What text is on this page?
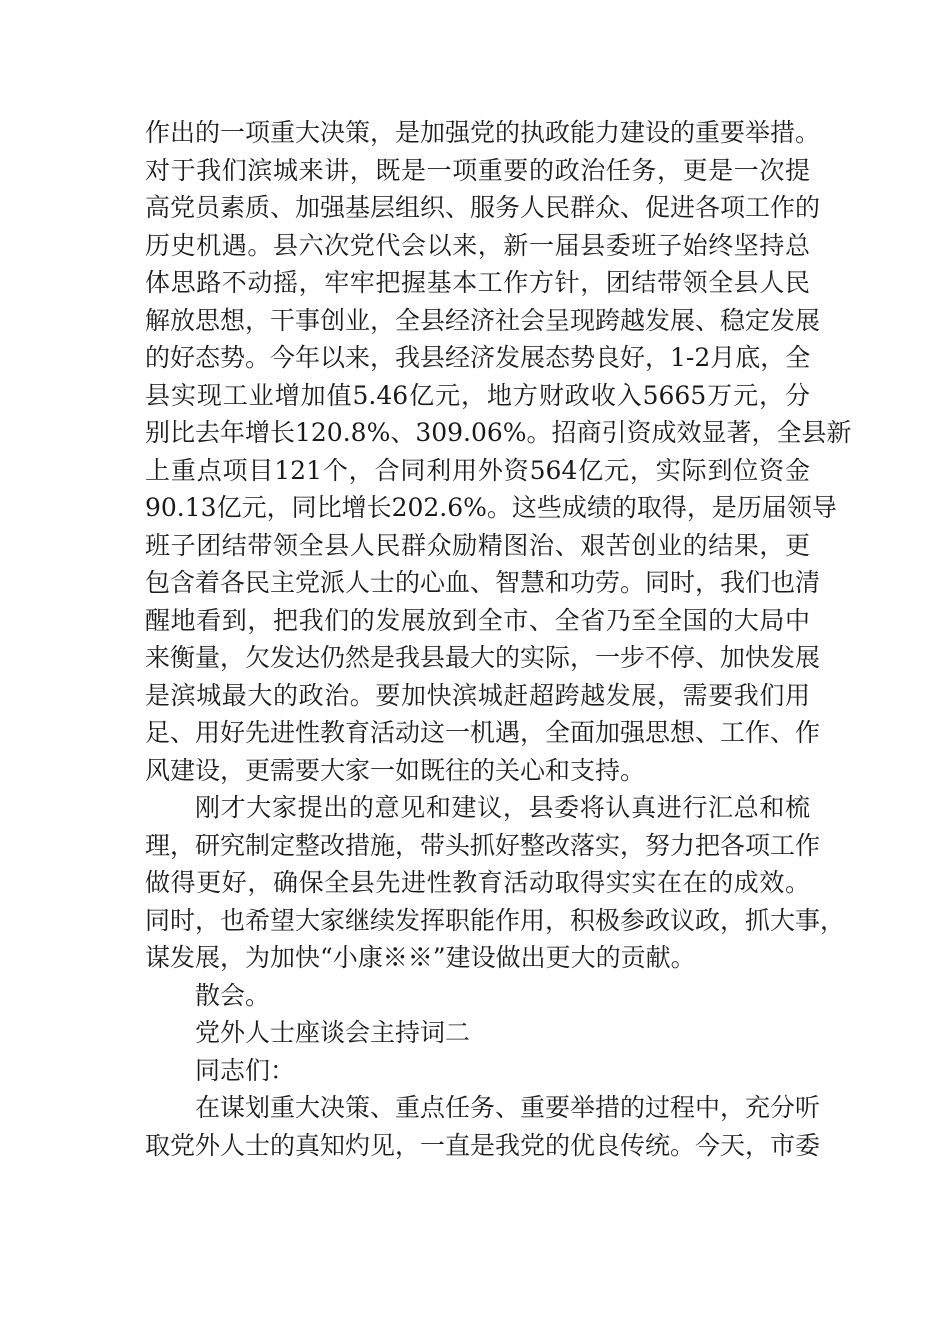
作出的一项重大决策，是加强党的执政能力建设的重要举措。
对于我们滨城来讲，既是一项重要的政治任务，更是一次提
高党员素质、加强基层组织、服务人民群众、促进各项工作的
历史机遇。县六次党代会以来，新一届县委班子始终坚持总
体思路不动摇，牢牢把握基本工作方针，团结带领全县人民
解放思想，干事创业，全县经济社会呈现跨越发展、稳定发展
的好态势。今年以来，我县经济发展态势良好，1-2月底，全
县实现工业增加值5.46亿元，地方财政收入5665万元，分
别比去年增长120.8%、309.06%。招商引资成效显著，全县新
上重点项目121个，合同利用外资564亿元，实际到位资金
90.13亿元，同比增长202.6%。这些成绩的取得，是历届领导
班子团结带领全县人民群众励精图治、艰苦创业的结果，更
包含着各民主党派人士的心血、智慧和功劳。同时，我们也清
醒地看到，把我们的发展放到全市、全省乃至全国的大局中
来衡量，欠发达仍然是我县最大的实际，一步不停、加快发展
是滨城最大的政治。要加快滨城赶超跨越发展，需要我们用
足、用好先进性教育活动这一机遇，全面加强思想、工作、作
风建设，更需要大家一如既往的关心和支持。
刚才大家提出的意见和建议，县委将认真进行汇总和梳
理，研究制定整改措施，带头抓好整改落实，努力把各项工作
做得更好，确保全县先进性教育活动取得实实在在的成效。
同时，也希望大家继续发挥职能作用，积极参政议政，抓大事，
谋发展，为加快“小康※※”建设做出更大的贡献。
散会。
党外人士座谈会主持词二
同志们：
在谋划重大决策、重点任务、重要举措的过程中，充分听
取党外人士的真知灼见，一直是我党的优良传统。今天，市委
